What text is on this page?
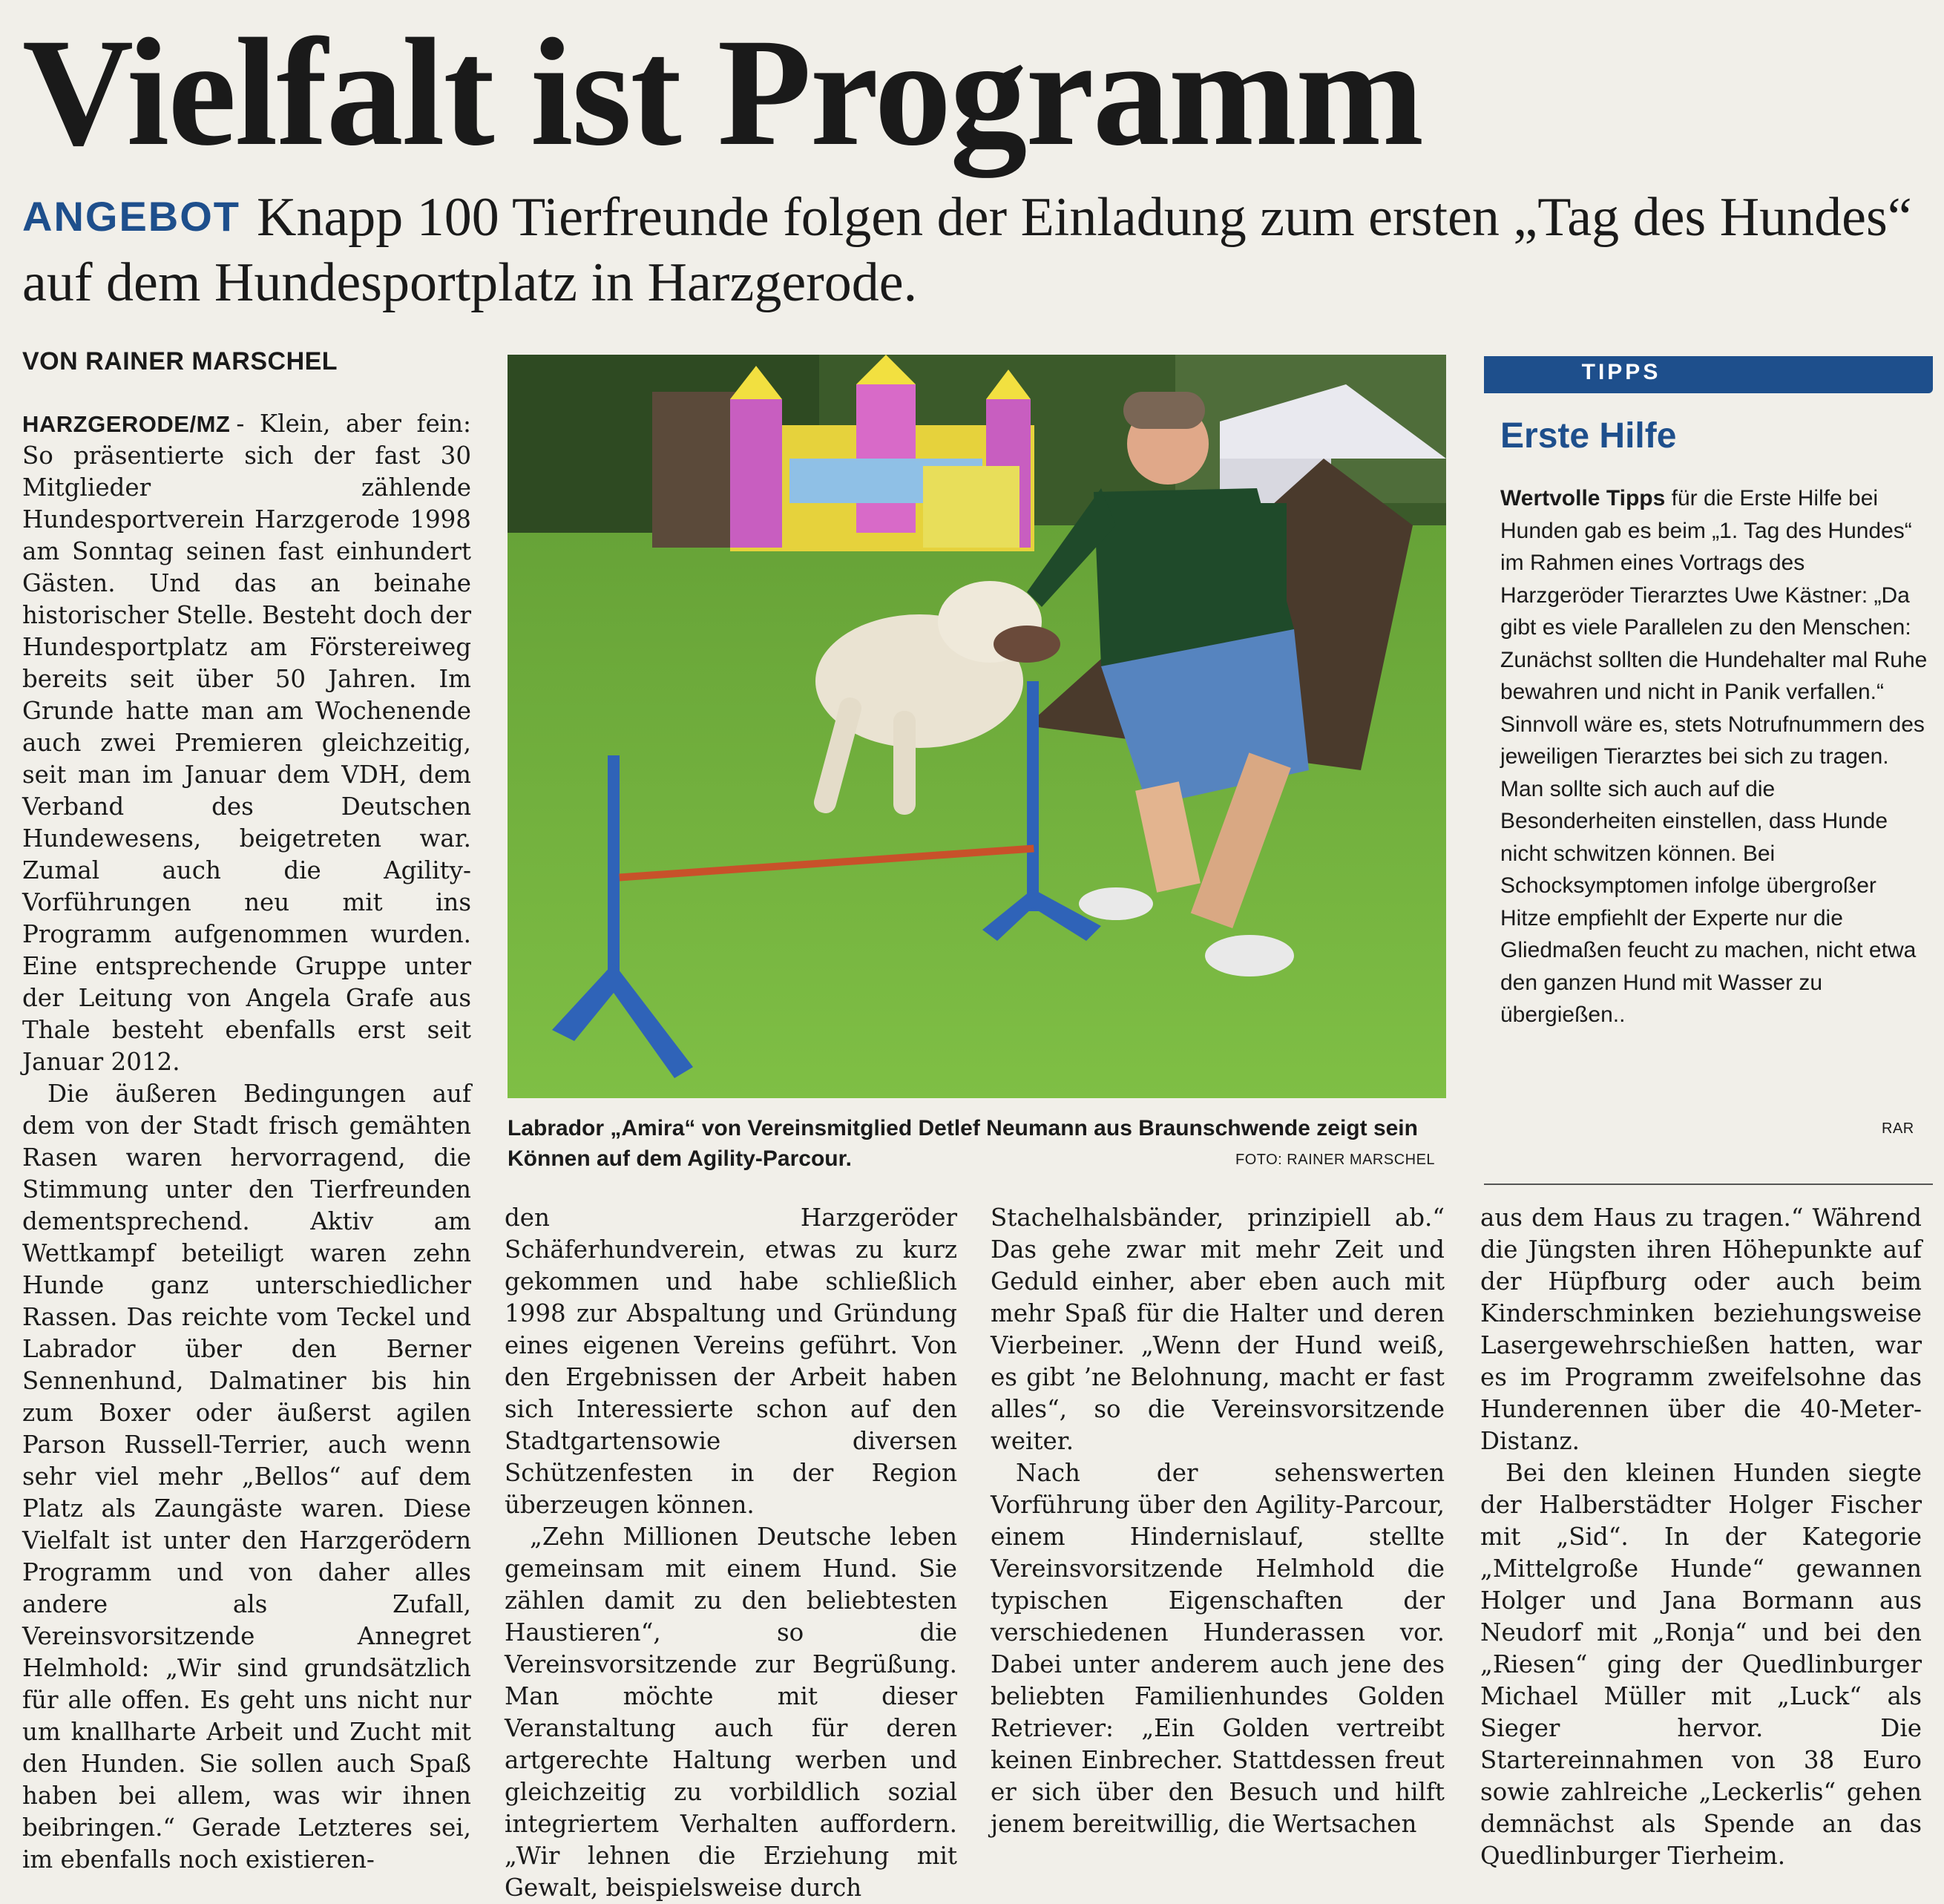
Vielfalt ist Programm
ANGEBOT Knapp 100 Tierfreunde folgen der Einladung zum ersten „Tag des Hundes“ auf dem Hundesportplatz in Harzgerode.
VON RAINER MARSCHEL

HARZGERODE/MZ - Klein, aber fein: So präsentierte sich der fast 30 Mitglieder zählende Hundesportverein Harzgerode 1998 am Sonntag seinen fast einhundert Gästen. Und das an beinahe historischer Stelle. Besteht doch der Hundesportplatz am Förstereiweg bereits seit über 50 Jahren. Im Grunde hatte man am Wochenende auch zwei Premieren gleichzeitig, seit man im Januar dem VDH, dem Verband des Deutschen Hundewesens, beigetreten war. Zumal auch die Agility-Vorführungen neu mit ins Programm aufgenommen wurden. Eine entsprechende Gruppe unter der Leitung von Angela Grafe aus Thale besteht ebenfalls erst seit Januar 2012.

Die äußeren Bedingungen auf dem von der Stadt frisch gemähten Rasen waren hervorragend, die Stimmung unter den Tierfreunden dementsprechend. Aktiv am Wettkampf beteiligt waren zehn Hunde ganz unterschiedlicher Rassen. Das reichte vom Teckel und Labrador über den Berner Sennenhund, Dalmatiner bis hin zum Boxer oder äußerst agilen Parson Russell-Terrier, auch wenn sehr viel mehr „Bellos“ auf dem Platz als Zaungäste waren. Diese Vielfalt ist unter den Harzgerödern Programm und von daher alles andere als Zufall, Vereinsvorsitzende Annegret Helmhold: „Wir sind grundsätzlich für alle offen. Es geht uns nicht nur um knallharte Arbeit und Zucht mit den Hunden. Sie sollen auch Spaß haben bei allem, was wir ihnen beibringen.“ Gerade Letzteres sei, im ebenfalls noch existieren-

Labrador „Amira“ von Vereinsmitglied Detlef Neumann aus Braunschwende zeigt sein Können auf dem Agility-Parcour.	FOTO: RAINER MARSCHEL
TIPPS
Erste Hilfe
Wertvolle Tipps für die Erste Hilfe bei Hunden gab es beim „1. Tag des Hundes“ im Rahmen eines Vortrags des Harzgeröder Tierarztes Uwe Kästner: „Da gibt es viele Parallelen zu den Menschen: Zunächst sollten die Hundehalter mal Ruhe bewahren und nicht in Panik verfallen.“ Sinnvoll wäre es, stets Notrufnummern des jeweiligen Tierarztes bei sich zu tragen. Man sollte sich auch auf die Besonderheiten einstellen, dass Hunde nicht schwitzen können. Bei Schocksymptomen infolge übergroßer Hitze empfiehlt der Experte nur die Gliedmaßen feucht zu machen, nicht etwa den ganzen Hund mit Wasser zu übergießen..
RAR

den Harzgeröder Schäferhundverein, etwas zu kurz gekommen und habe schließlich 1998 zur Abspaltung und Gründung eines eigenen Vereins geführt. Von den Ergebnissen der Arbeit haben sich Interessierte schon auf den Stadtgartensowie diversen Schützenfesten in der Region überzeugen können.

„Zehn Millionen Deutsche leben gemeinsam mit einem Hund. Sie zählen damit zu den beliebtesten Haustieren“, so die Vereinsvorsitzende zur Begrüßung. Man möchte mit dieser Veranstaltung auch für deren artgerechte Haltung werben und gleichzeitig zu vorbildlich sozial integriertem Verhalten auffordern. „Wir lehnen die Erziehung mit Gewalt, beispielsweise durch

Stachelhalsbänder, prinzipiell ab.“ Das gehe zwar mit mehr Zeit und Geduld einher, aber eben auch mit mehr Spaß für die Halter und deren Vierbeiner. „Wenn der Hund weiß, es gibt ’ne Belohnung, macht er fast alles“, so die Vereinsvorsitzende weiter.

Nach der sehenswerten Vorführung über den Agility-Parcour, einem Hindernislauf, stellte Vereinsvorsitzende Helmhold die typischen Eigenschaften der verschiedenen Hunderassen vor. Dabei unter anderem auch jene des beliebten Familienhundes Golden Retriever: „Ein Golden vertreibt keinen Einbrecher. Stattdessen freut er sich über den Besuch und hilft jenem bereitwillig, die Wertsachen

aus dem Haus zu tragen.“ Während die Jüngsten ihren Höhepunkte auf der Hüpfburg oder auch beim Kinderschminken beziehungsweise Lasergewehrschießen hatten, war es im Programm zweifelsohne das Hunderennen über die 40-Meter-Distanz.

Bei den kleinen Hunden siegte der Halberstädter Holger Fischer mit „Sid“. In der Kategorie „Mittelgroße Hunde“ gewannen Holger und Jana Bormann aus Neudorf mit „Ronja“ und bei den „Riesen“ ging der Quedlinburger Michael Müller mit „Luck“ als Sieger hervor. Die Startereinnahmen von 38 Euro sowie zahlreiche „Leckerlis“ gehen demnächst als Spende an das Quedlinburger Tierheim.
